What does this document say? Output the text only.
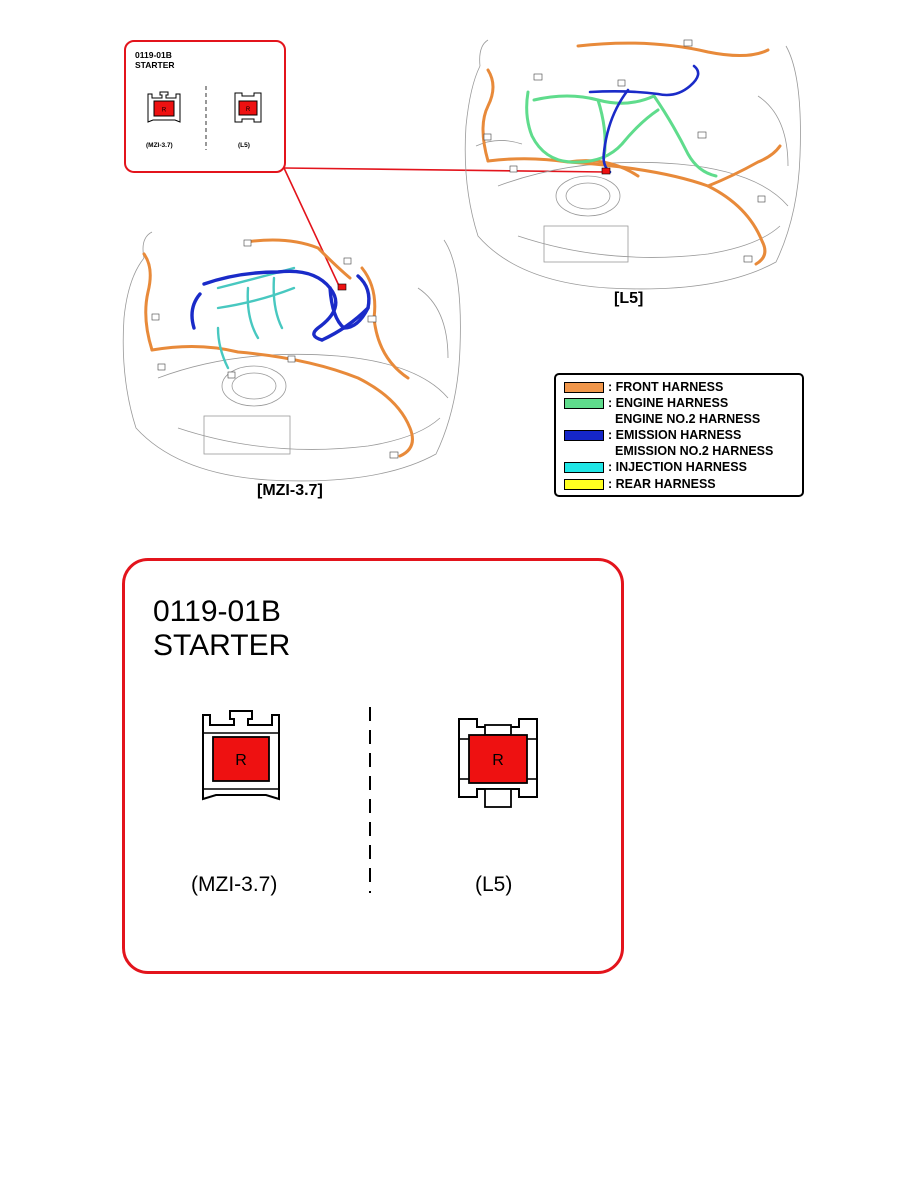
[L5]
[MZI-3.7]
0119-01B
STARTER
R	R
(MZI-3.7)	(L5)
: FRONT HARNESS
: ENGINE HARNESS
ENGINE NO.2 HARNESS
: EMISSION HARNESS
EMISSION NO.2 HARNESS
: INJECTION HARNESS
: REAR HARNESS
0119-01B
STARTER
R	R
(MZI-3.7)	(L5)
